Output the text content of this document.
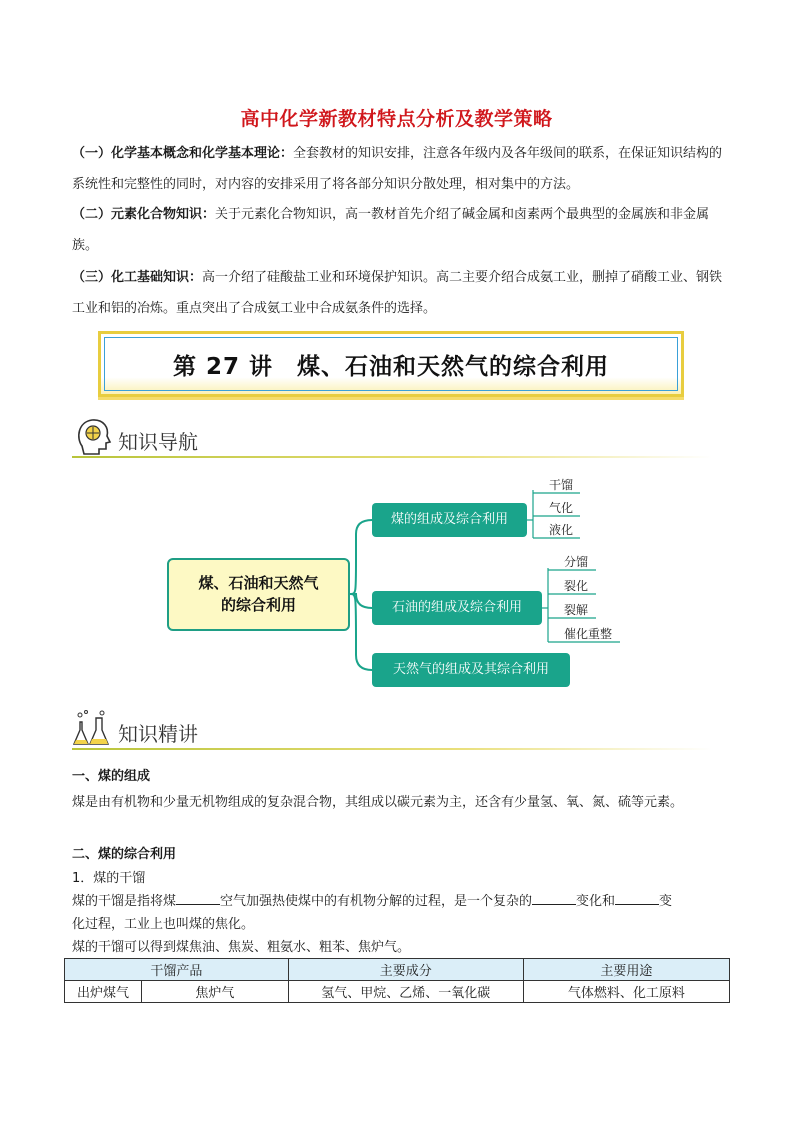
高中化学新教材特点分析及教学策略
（一）化学基本概念和化学基本理论：全套教材的知识安排，注意各年级内及各年级间的联系，在保证知识结构的系统性和完整性的同时，对内容的安排采用了将各部分知识分散处理，相对集中的方法。
（二）元素化合物知识：关于元素化合物知识，高一教材首先介绍了碱金属和卤素两个最典型的金属族和非金属族。
（三）化工基础知识：高一介绍了硅酸盐工业和环境保护知识。高二主要介绍合成氨工业，删掉了硝酸工业、钢铁工业和铝的冶炼。重点突出了合成氨工业中合成氨条件的选择。
第 27 讲　煤、石油和天然气的综合利用
知识导航
煤、石油和天然气
的综合利用
煤的组成及综合利用
石油的组成及综合利用
天然气的组成及其综合利用
干馏
气化
液化
分馏
裂化
裂解
催化重整
知识精讲
一、煤的组成
煤是由有机物和少量无机物组成的复杂混合物，其组成以碳元素为主，还含有少量氢、氧、氮、硫等元素。
二、煤的综合利用
1．煤的干馏
煤的干馏是指将煤	空气加强热使煤中的有机物分解的过程，是一个复杂的	变化和	变
化过程，工业上也叫煤的焦化。
煤的干馏可以得到煤焦油、焦炭、粗氨水、粗苯、焦炉气。
干馏产品		主要成分	主要用途
出炉煤气	焦炉气	氢气、甲烷、乙烯、一氧化碳	气体燃料、化工原料
